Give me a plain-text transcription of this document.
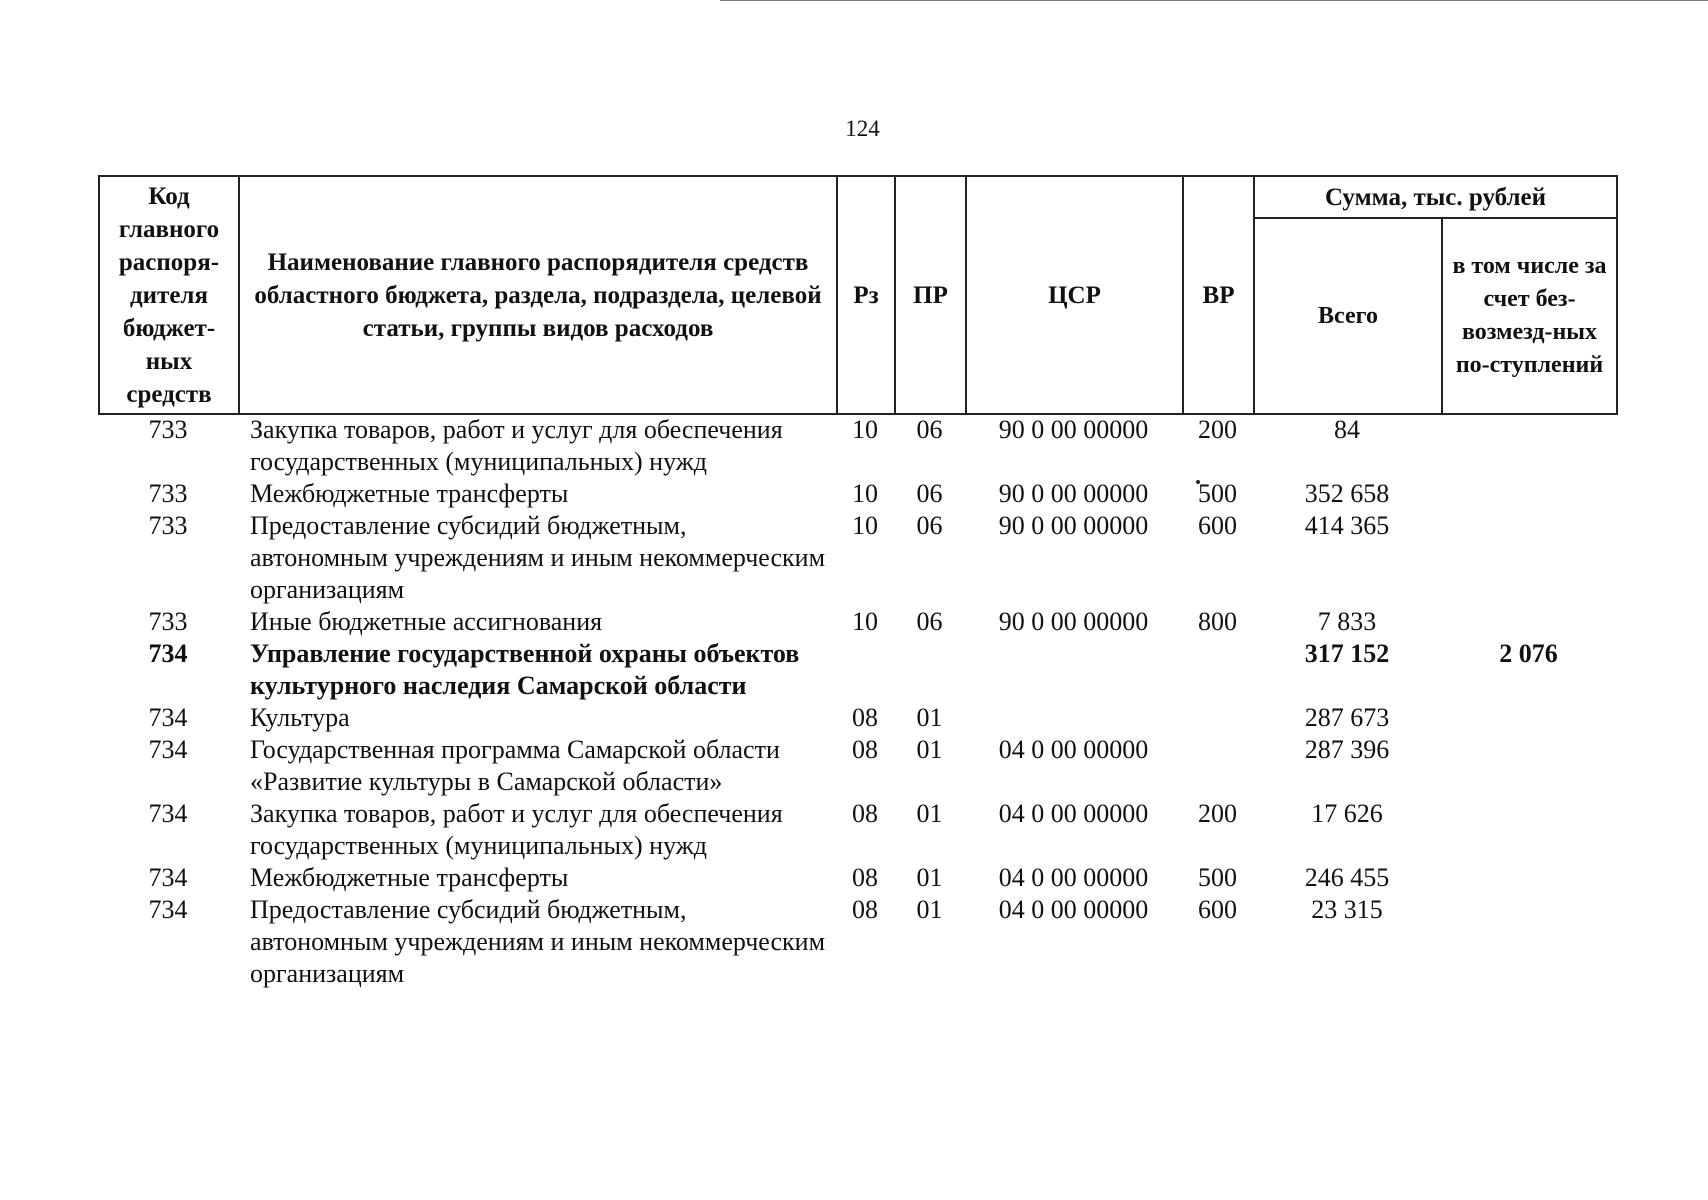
124
Код главного распоря-дителя бюджет-ных средств	Наименование главного распорядителя средств областного бюджета, раздела, подраздела, целевой статьи, группы видов расходов	Рз	ПР	ЦСР	ВР	Сумма, тыс. рублей	
						Всего	в том числе за счет без-возмезд-ных по-ступлений
733	Закупка товаров, работ и услуг для обеспечения государственных (муниципальных) нужд	10	06	90 0 00 00000	200	84	
733	Межбюджетные трансферты	10	06	90 0 00 00000	500	352 658	
733	Предоставление субсидий бюджетным, автономным учреждениям и иным некоммерческим организациям	10	06	90 0 00 00000	600	414 365	
733	Иные бюджетные ассигнования	10	06	90 0 00 00000	800	7 833	
734	Управление государственной охраны объектов культурного наследия Самарской области					317 152	2 076
734	Культура	08	01			287 673	
734	Государственная программа Самарской области «Развитие культуры в Самарской области»	08	01	04 0 00 00000		287 396	
734	Закупка товаров, работ и услуг для обеспечения государственных (муниципальных) нужд	08	01	04 0 00 00000	200	17 626	
734	Межбюджетные трансферты	08	01	04 0 00 00000	500	246 455	
734	Предоставление субсидий бюджетным, автономным учреждениям и иным некоммерческим организациям	08	01	04 0 00 00000	600	23 315	
